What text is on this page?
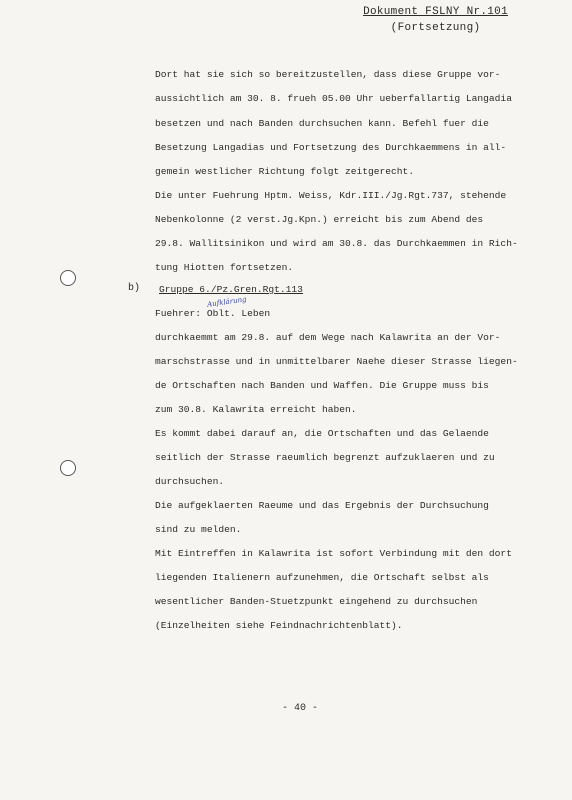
Dokument FSLNY Nr.101
(Fortsetzung)
Dort hat sie sich so bereitzustellen, dass diese Gruppe vor-
aussichtlich am 30. 8. frueh 05.00 Uhr ueberfallartig Langadia
besetzen und nach Banden durchsuchen kann. Befehl fuer die
Besetzung Langadias und Fortsetzung des Durchkaemmens in all-
gemein westlicher Richtung folgt zeitgerecht.
Die unter Fuehrung Hptm. Weiss, Kdr.III./Jg.Rgt.737, stehende
Nebenkolonne (2 verst.Jg.Kpn.) erreicht bis zum Abend des
29.8. Wallitsinikon und wird am 30.8. das Durchkaemmen in Rich-
tung Hiotten fortsetzen.
b) Gruppe 6./Pz.Gren.Rgt.113
Aufklärung
Fuehrer: Oblt. Leben
durchkaemmt am 29.8. auf dem Wege nach Kalawrita an der Vor-
marschstrasse und in unmittelbarer Naehe dieser Strasse liegen-
de Ortschaften nach Banden und Waffen. Die Gruppe muss bis
zum 30.8. Kalawrita erreicht haben.
Es kommt dabei darauf an, die Ortschaften und das Gelaende
seitlich der Strasse raeumlich begrenzt aufzuklaeren und zu
durchsuchen.
Die aufgeklaerten Raeume und das Ergebnis der Durchsuchung
sind zu melden.
Mit Eintreffen in Kalawrita ist sofort Verbindung mit den dort
liegenden Italienern aufzunehmen, die Ortschaft selbst als
wesentlicher Banden-Stuetzpunkt eingehend zu durchsuchen
(Einzelheiten siehe Feindnachrichtenblatt).
- 40 -
